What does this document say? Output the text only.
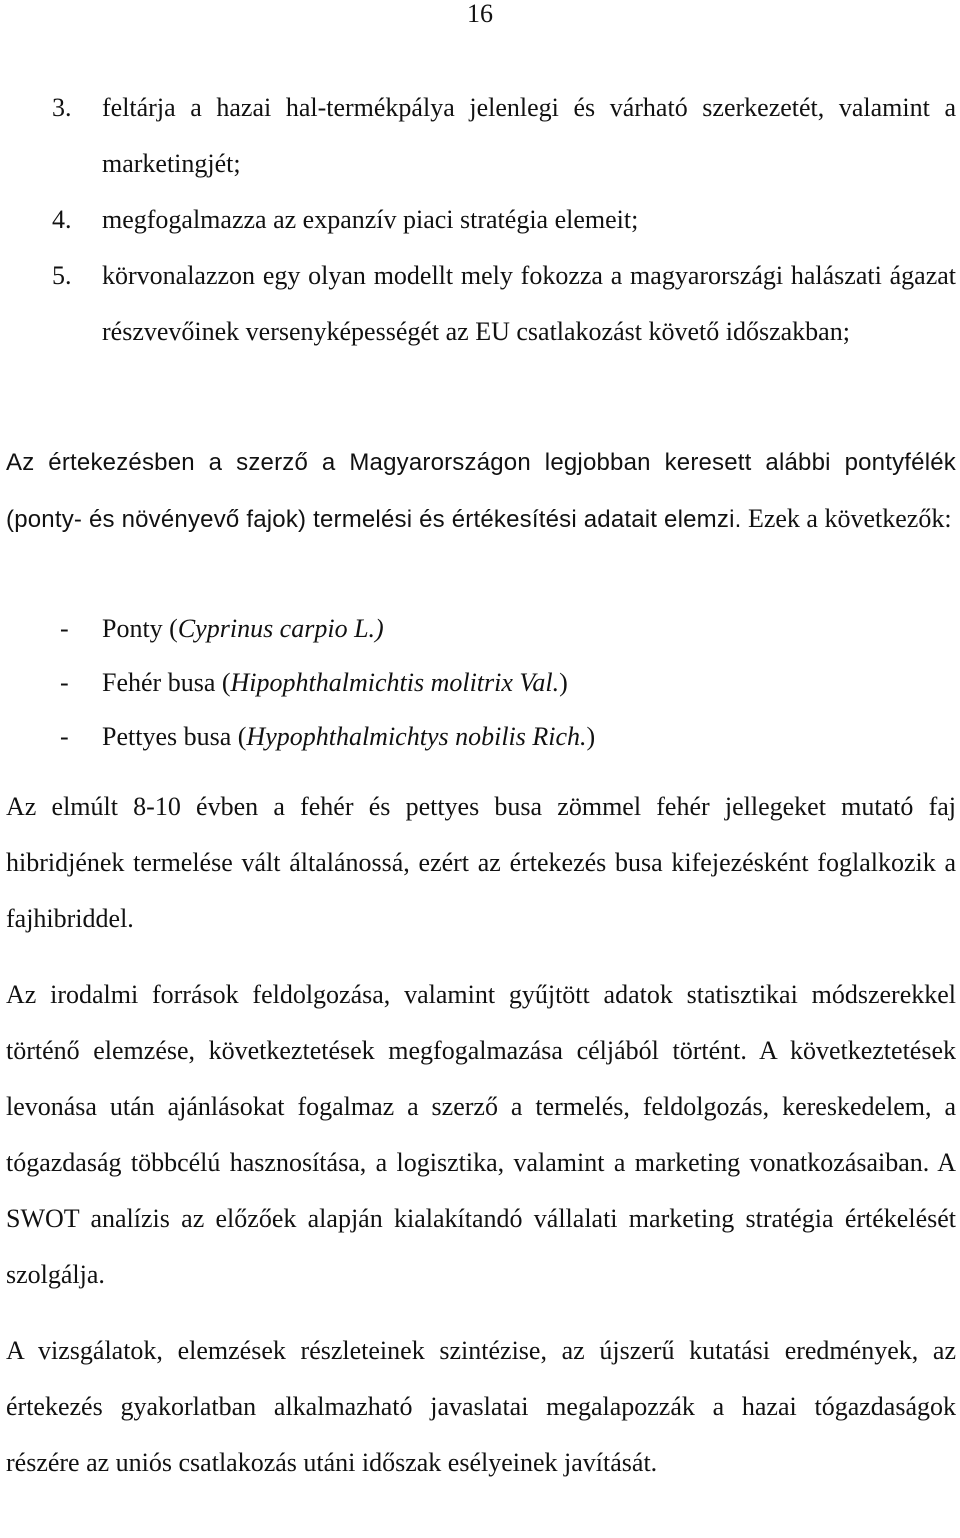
16
3.	feltárja a hazai hal-termékpálya jelenlegi és várható szerkezetét, valamint a marketingjét;
4.	megfogalmazza az expanzív piaci stratégia elemeit;
5.	körvonalazzon egy olyan modellt mely fokozza a magyarországi halászati ágazat részvevőinek versenyképességét az EU csatlakozást követő időszakban;

Az értekezésben a szerző a Magyarországon legjobban keresett alábbi pontyfélék (ponty- és növényevő fajok) termelési és értékesítési adatait elemzi. Ezek a következők:

-	Ponty (Cyprinus carpio L.)
-	Fehér busa (Hipophthalmichtis molitrix Val.)
-	Pettyes busa (Hypophthalmichtys nobilis Rich.)

Az elmúlt 8-10 évben a fehér és pettyes busa zömmel fehér jellegeket mutató faj hibridjének termelése vált általánossá, ezért az értekezés busa kifejezésként foglalkozik a fajhibriddel.

Az irodalmi források feldolgozása, valamint gyűjtött adatok statisztikai módszerekkel történő elemzése, következtetések megfogalmazása céljából történt. A következtetések levonása után ajánlásokat fogalmaz a szerző a termelés, feldolgozás, kereskedelem, a tógazdaság többcélú hasznosítása, a logisztika, valamint a marketing vonatkozásaiban. A SWOT analízis az előzőek alapján kialakítandó vállalati marketing stratégia értékelését szolgálja.

A vizsgálatok, elemzések részleteinek szintézise, az újszerű kutatási eredmények, az értekezés gyakorlatban alkalmazható javaslatai megalapozzák a hazai tógazdaságok részére az uniós csatlakozás utáni időszak esélyeinek javítását.
